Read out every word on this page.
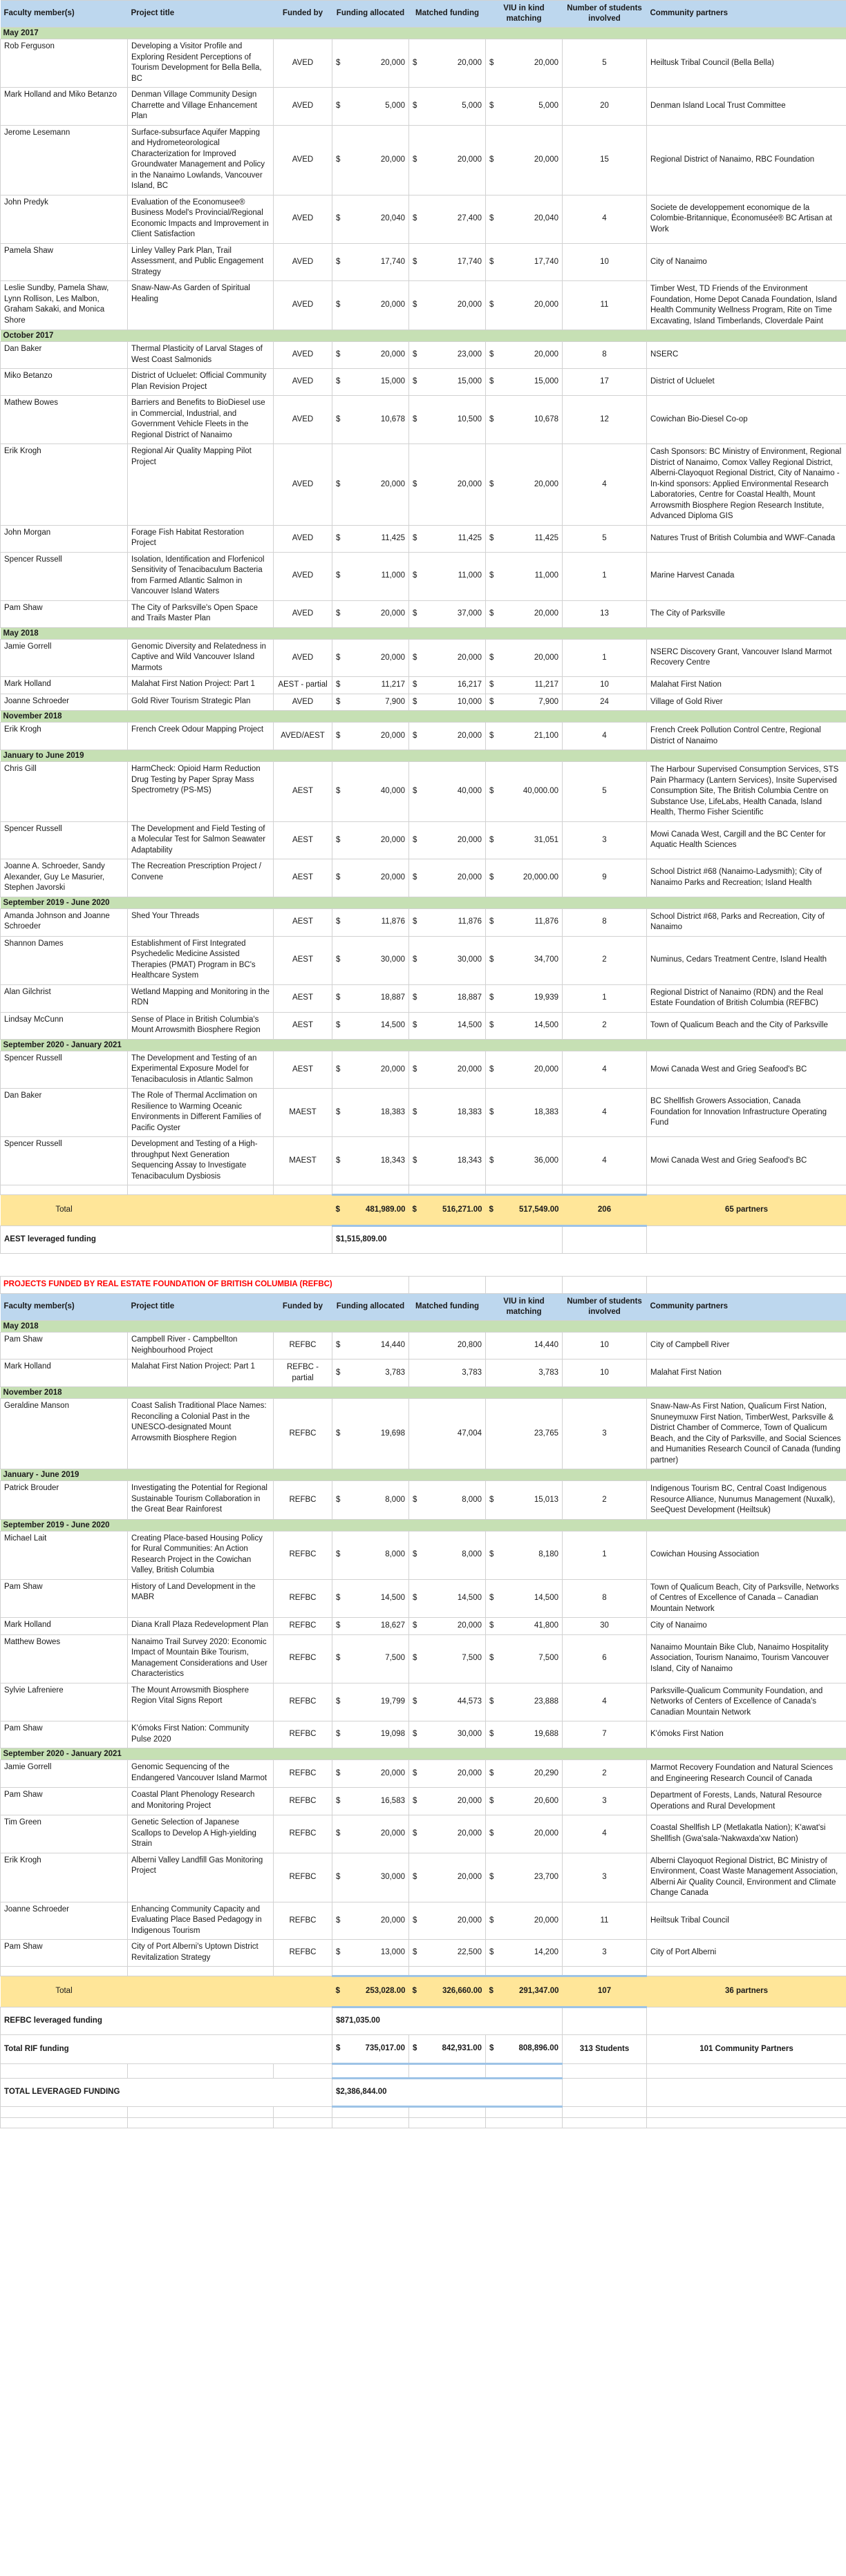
Faculty member(s)	Project title	Funded by	Funding allocated	Matched funding	VIU in kind matching	Number of students involved	Community partners
May 2017							
Rob Ferguson	Developing a Visitor Profile and Exploring Resident Perceptions of Tourism Development for Bella Bella, BC	AVED	$ 20,000	$ 20,000	$ 20,000	5	Heiltusk Tribal Council (Bella Bella)
Mark Holland and Miko Betanzo	Denman Village Community Design Charrette and Village Enhancement Plan	AVED	$ 5,000	$ 5,000	$ 5,000	20	Denman Island Local Trust Committee
Jerome Lesemann	Surface-subsurface Aquifer Mapping and Hydrometeorological Characterization for Improved Groundwater Management and Policy in the Nanaimo Lowlands, Vancouver Island, BC	AVED	$ 20,000	$ 20,000	$ 20,000	15	Regional District of Nanaimo, RBC Foundation
John Predyk	Evaluation of the Economusee® Business Model's Provincial/Regional Economic Impacts and Improvement in Client Satisfaction	AVED	$ 20,040	$ 27,400	$ 20,040	4	Societe de developpement economique de la Colombie-Britannique, Économusée® BC Artisan at Work
Pamela Shaw	Linley Valley Park Plan, Trail Assessment, and Public Engagement Strategy	AVED	$ 17,740	$ 17,740	$ 17,740	10	City of Nanaimo
Leslie Sundby, Pamela Shaw, Lynn Rollison, Les Malbon, Graham Sakaki, and Monica Shore	Snaw-Naw-As Garden of Spiritual Healing	AVED	$ 20,000	$ 20,000	$ 20,000	11	Timber West, TD Friends of the Environment Foundation, Home Depot Canada Foundation, Island Health Community Wellness Program, Rite on Time Excavating, Island Timberlands, Cloverdale Paint
October 2017							
Dan Baker	Thermal Plasticity of Larval Stages of West Coast Salmonids	AVED	$ 20,000	$ 23,000	$ 20,000	8	NSERC
Miko Betanzo	District of Ucluelet: Official Community Plan Revision Project	AVED	$ 15,000	$ 15,000	$ 15,000	17	District of Ucluelet
Mathew Bowes	Barriers and Benefits to BioDiesel use in Commercial, Industrial, and Government Vehicle Fleets in the Regional District of Nanaimo	AVED	$ 10,678	$ 10,500	$ 10,678	12	Cowichan Bio-Diesel Co-op
Erik Krogh	Regional Air Quality Mapping Pilot Project	AVED	$ 20,000	$ 20,000	$ 20,000	4	Cash Sponsors: BC Ministry of Environment, Regional District of Nanaimo, Comox Valley Regional District, Alberni-Clayoquot Regional District, City of Nanaimo - In-kind sponsors: Applied Environmental Research Laboratories, Centre for Coastal Health, Mount Arrowsmith Biosphere Region Research Institute, Advanced Diploma GIS
John Morgan	Forage Fish Habitat Restoration Project	AVED	$ 11,425	$ 11,425	$ 11,425	5	Natures Trust of British Columbia and WWF-Canada
Spencer Russell	Isolation, Identification and Florfenicol Sensitivity of Tenacibaculum Bacteria from Farmed Atlantic Salmon in Vancouver Island Waters	AVED	$ 11,000	$ 11,000	$ 11,000	1	Marine Harvest Canada
Pam Shaw	The City of Parksville's Open Space and Trails Master Plan	AVED	$ 20,000	$ 37,000	$ 20,000	13	The City of Parksville
May 2018							
Jamie Gorrell	Genomic Diversity and Relatedness in Captive and Wild Vancouver Island Marmots	AVED	$ 20,000	$ 20,000	$ 20,000	1	NSERC Discovery Grant, Vancouver Island Marmot Recovery Centre
Mark Holland	Malahat First Nation Project: Part 1	AEST - partial	$ 11,217	$ 16,217	$ 11,217	10	Malahat First Nation
Joanne Schroeder	Gold River Tourism Strategic Plan	AVED	$ 7,900	$ 10,000	$ 7,900	24	Village of Gold River
November 2018							
Erik Krogh	French Creek Odour Mapping Project	AVED/AEST	$ 20,000	$ 20,000	$ 21,100	4	French Creek Pollution Control Centre, Regional District of Nanaimo
January to June 2019							
Chris Gill	HarmCheck: Opioid Harm Reduction Drug Testing by Paper Spray Mass Spectrometry (PS-MS)	AEST	$ 40,000	$ 40,000	$ 40,000.00	5	The Harbour Supervised Consumption Services, STS Pain Pharmacy (Lantern Services), Insite Supervised Consumption Site, The British Columbia Centre on Substance Use, LifeLabs, Health Canada, Island Health, Thermo Fisher Scientific
Spencer Russell	The Development and Field Testing of a Molecular Test for Salmon Seawater Adaptability	AEST	$ 20,000	$ 20,000	$ 31,051	3	Mowi Canada West, Cargill and the BC Center for Aquatic Health Sciences
Joanne A. Schroeder, Sandy Alexander, Guy Le Masurier, Stephen Javorski	The Recreation Prescription Project / Convene	AEST	$ 20,000	$ 20,000	$ 20,000.00	9	School District #68 (Nanaimo-Ladysmith); City of Nanaimo Parks and Recreation; Island Health
September 2019 - June 2020							
Amanda Johnson and Joanne Schroeder	Shed Your Threads	AEST	$ 11,876	$ 11,876	$ 11,876	8	School District #68, Parks and Recreation, City of Nanaimo
Shannon Dames	Establishment of First Integrated Psychedelic Medicine Assisted Therapies (PMAT) Program in BC's Healthcare System	AEST	$ 30,000	$ 30,000	$ 34,700	2	Numinus, Cedars Treatment Centre, Island Health
Alan Gilchrist	Wetland Mapping and Monitoring in the RDN	AEST	$ 18,887	$ 18,887	$ 19,939	1	Regional District of Nanaimo (RDN) and the Real Estate Foundation of British Columbia (REFBC)
Lindsay McCunn	Sense of Place in British Columbia's Mount Arrowsmith Biosphere Region	AEST	$ 14,500	$ 14,500	$ 14,500	2	Town of Qualicum Beach and the City of Parksville
September 2020 - January 2021							
Spencer Russell	The Development and Testing of an Experimental Exposure Model for Tenacibaculosis in Atlantic Salmon	AEST	$ 20,000	$ 20,000	$ 20,000	4	Mowi Canada West and Grieg Seafood's BC
Dan Baker	The Role of Thermal Acclimation on Resilience to Warming Oceanic Environments in Different Families of Pacific Oyster	MAEST	$ 18,383	$ 18,383	$ 18,383	4	BC Shellfish Growers Association, Canada Foundation for Innovation Infrastructure Operating Fund
Spencer Russell	Development and Testing of a High-throughput Next Generation Sequencing Assay to Investigate Tenacibaculum Dysbiosis	MAEST	$ 18,343	$ 18,343	$ 36,000	4	Mowi Canada West and Grieg Seafood's BC

Total			$ 481,989.00	$ 516,271.00	$ 517,549.00	206	65 partners
AEST leveraged funding			$1,515,809.00				

PROJECTS FUNDED BY REAL ESTATE FOUNDATION OF BRITISH COLUMBIA (REFBC)							
Faculty member(s)	Project title	Funded by	Funding allocated	Matched funding	VIU in kind matching	Number of students involved	Community partners
May 2018							
Pam Shaw	Campbell River - Campbellton Neighbourhood Project	REFBC	$ 14,440	20,800	14,440	10	City of Campbell River
Mark Holland	Malahat First Nation Project: Part 1	REFBC - partial	$ 3,783	3,783	3,783	10	Malahat First Nation
November 2018							
Geraldine Manson	Coast Salish Traditional Place Names: Reconciling a Colonial Past in the UNESCO-designated Mount Arrowsmith Biosphere Region	REFBC	$ 19,698	47,004	23,765	3	Snaw-Naw-As First Nation, Qualicum First Nation, Snuneymuxw First Nation, TimberWest, Parksville & District Chamber of Commerce, Town of Qualicum Beach, and the City of Parksville, and Social Sciences and Humanities Research Council of Canada (funding partner)
January - June 2019							
Patrick Brouder	Investigating the Potential for Regional Sustainable Tourism Collaboration in the Great Bear Rainforest	REFBC	$ 8,000	$ 8,000	$ 15,013	2	Indigenous Tourism BC, Central Coast Indigenous Resource Alliance, Nunumus Management (Nuxalk), SeeQuest Development (Heiltsuk)
September 2019 - June 2020							
Michael Lait	Creating Place-based Housing Policy for Rural Communities: An Action Research Project in the Cowichan Valley, British Columbia	REFBC	$ 8,000	$ 8,000	$ 8,180	1	Cowichan Housing Association
Pam Shaw	History of Land Development in the MABR	REFBC	$ 14,500	$ 14,500	$ 14,500	8	Town of Qualicum Beach, City of Parksville, Networks of Centres of Excellence of Canada – Canadian Mountain Network
Mark Holland	Diana Krall Plaza Redevelopment Plan	REFBC	$ 18,627	$ 20,000	$ 41,800	30	City of Nanaimo
Matthew Bowes	Nanaimo Trail Survey 2020: Economic Impact of Mountain Bike Tourism, Management Considerations and User Characteristics	REFBC	$ 7,500	$ 7,500	$ 7,500	6	Nanaimo Mountain Bike Club, Nanaimo Hospitality Association, Tourism Nanaimo, Tourism Vancouver Island, City of Nanaimo
Sylvie Lafreniere	The Mount Arrowsmith Biosphere Region Vital Signs Report	REFBC	$ 19,799	$ 44,573	$ 23,888	4	Parksville-Qualicum Community Foundation, and Networks of Centers of Excellence of Canada's Canadian Mountain Network
Pam Shaw	K'ómoks First Nation: Community Pulse 2020	REFBC	$ 19,098	$ 30,000	$ 19,688	7	K'ómoks First Nation
September 2020 - January 2021							
Jamie Gorrell	Genomic Sequencing of the Endangered Vancouver Island Marmot	REFBC	$ 20,000	$ 20,000	$ 20,290	2	Marmot Recovery Foundation and Natural Sciences and Engineering Research Council of Canada
Pam Shaw	Coastal Plant Phenology Research and Monitoring Project	REFBC	$ 16,583	$ 20,000	$ 20,600	3	Department of Forests, Lands, Natural Resource Operations and Rural Development
Tim Green	Genetic Selection of Japanese Scallops to Develop A High-yielding Strain	REFBC	$ 20,000	$ 20,000	$ 20,000	4	Coastal Shellfish LP (Metlakatla Nation); K'awat'si Shellfish (Gwa'sala-'Nakwaxda'xw Nation)
Erik Krogh	Alberni Valley Landfill Gas Monitoring Project	REFBC	$ 30,000	$ 20,000	$ 23,700	3	Alberni Clayoquot Regional District, BC Ministry of Environment, Coast Waste Management Association, Alberni Air Quality Council, Environment and Climate Change Canada
Joanne Schroeder	Enhancing Community Capacity and Evaluating Place Based Pedagogy in Indigenous Tourism	REFBC	$ 20,000	$ 20,000	$ 20,000	11	Heiltsuk Tribal Council
Pam Shaw	City of Port Alberni's Uptown District Revitalization Strategy	REFBC	$ 13,000	$ 22,500	$ 14,200	3	City of Port Alberni

Total			$ 253,028.00	$ 326,660.00	$ 291,347.00	107	36 partners
REFBC leveraged funding			$871,035.00				
Total RIF funding			$ 735,017.00	$ 842,931.00	$ 808,896.00	313 Students	101 Community Partners

TOTAL LEVERAGED FUNDING			$2,386,844.00				
